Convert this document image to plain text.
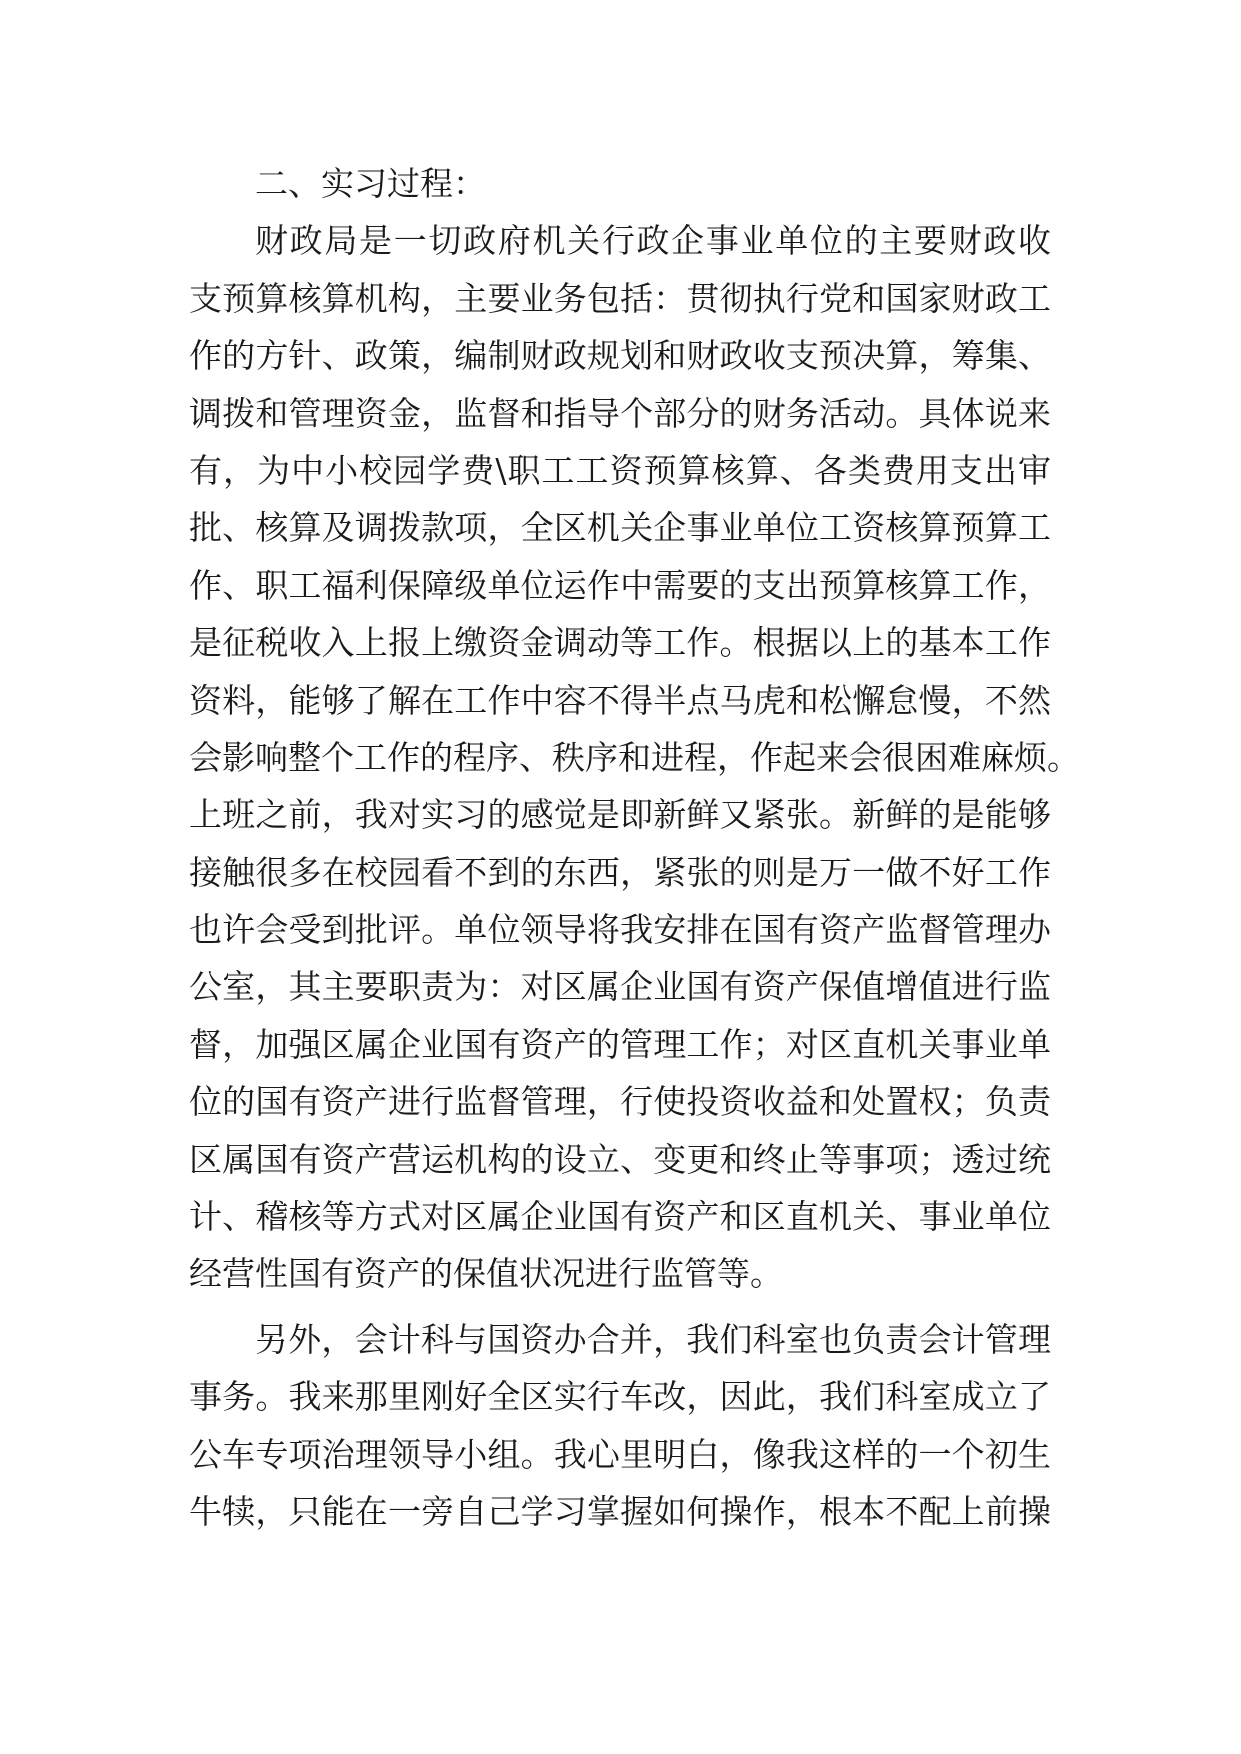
二、实习过程：
财政局是一切政府机关行政企事业单位的主要财政收
支预算核算机构，主要业务包括：贯彻执行党和国家财政工
作的方针、政策，编制财政规划和财政收支预决算，筹集、
调拨和管理资金，监督和指导个部分的财务活动。具体说来
有，为中小校园学费\职工工资预算核算、各类费用支出审
批、核算及调拨款项，全区机关企事业单位工资核算预算工
作、职工福利保障级单位运作中需要的支出预算核算工作，
是征税收入上报上缴资金调动等工作。根据以上的基本工作
资料，能够了解在工作中容不得半点马虎和松懈怠慢，不然
会影响整个工作的程序、秩序和进程，作起来会很困难麻烦。
上班之前，我对实习的感觉是即新鲜又紧张。新鲜的是能够
接触很多在校园看不到的东西，紧张的则是万一做不好工作
也许会受到批评。单位领导将我安排在国有资产监督管理办
公室，其主要职责为：对区属企业国有资产保值增值进行监
督，加强区属企业国有资产的管理工作；对区直机关事业单
位的国有资产进行监督管理，行使投资收益和处置权；负责
区属国有资产营运机构的设立、变更和终止等事项；透过统
计、稽核等方式对区属企业国有资产和区直机关、事业单位
经营性国有资产的保值状况进行监管等。
另外，会计科与国资办合并，我们科室也负责会计管理
事务。我来那里刚好全区实行车改，因此，我们科室成立了
公车专项治理领导小组。我心里明白，像我这样的一个初生
牛犊，只能在一旁自己学习掌握如何操作，根本不配上前操
